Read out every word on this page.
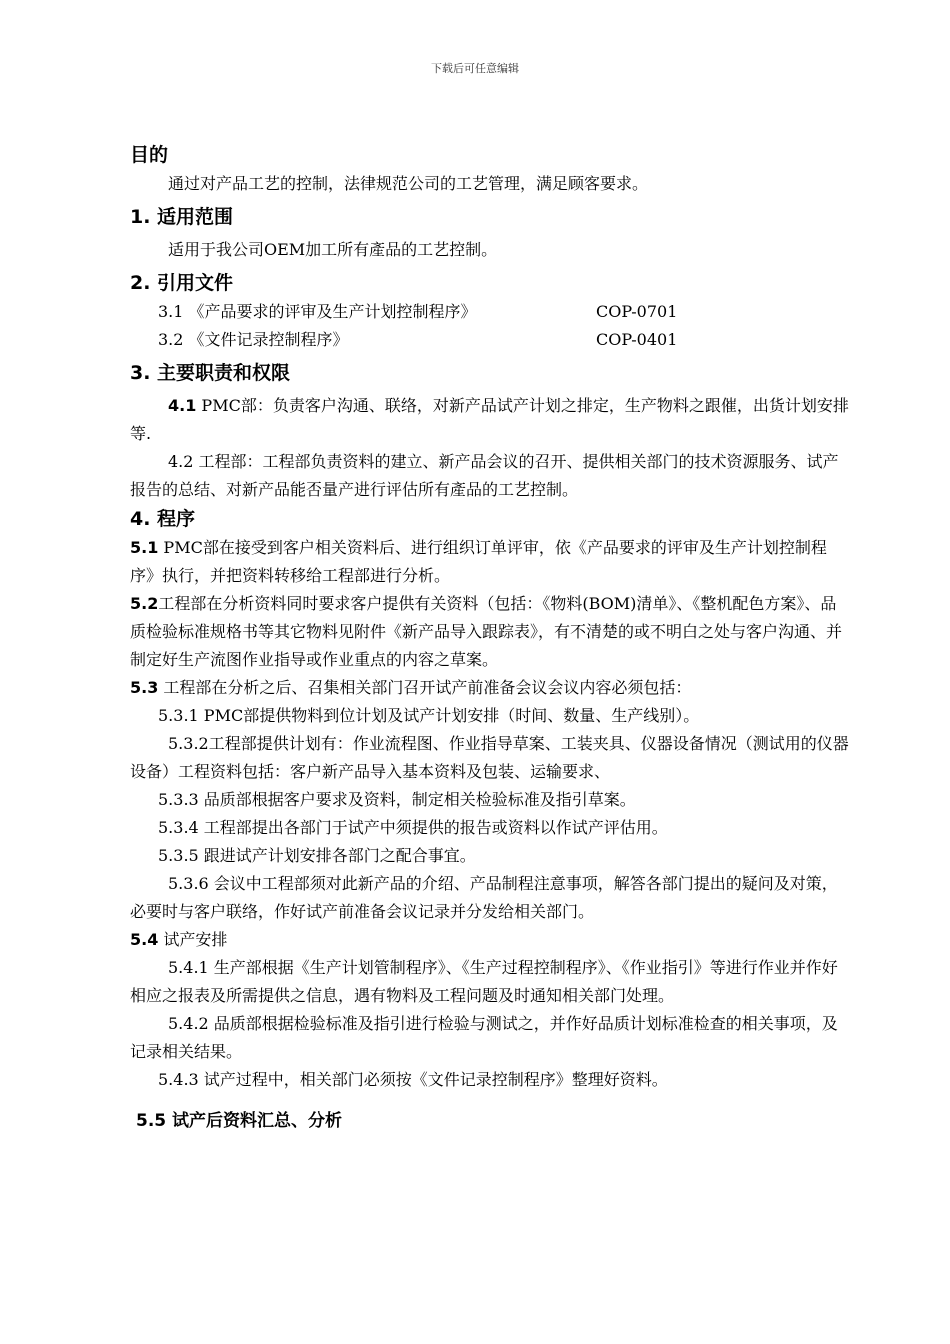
下载后可任意编辑
目的

通过对产品工艺的控制，法律规范公司的工艺管理，满足顾客要求。

1. 适用范围

适用于我公司OEM加工所有產品的工艺控制。

2. 引用文件
3.1 《产品要求的评审及生产计划控制程序》	COP-0701
3.2 《文件记录控制程序》	COP-0401
3. 主要职责和权限

4.1 PMC部：负责客户沟通、联络，对新产品试产计划之排定，生产物料之跟催，出货计划安排等.

4.2 工程部：工程部负责资料的建立、新产品会议的召开、提供相关部门的技术资源服务、试产报告的总结、对新产品能否量产进行评估所有產品的工艺控制。

4. 程序

5.1 PMC部在接受到客户相关资料后、进行组织订单评审，依《产品要求的评审及生产计划控制程序》执行，并把资料转移给工程部进行分析。

5.2工程部在分析资料同时要求客户提供有关资料（包括：《物料(BOM)清单》、《整机配色方案》、品质检验标准规格书等其它物料见附件《新产品导入跟踪表》，有不清楚的或不明白之处与客户沟通、并制定好生产流图作业指导或作业重点的内容之草案。

5.3 工程部在分析之后、召集相关部门召开试产前准备会议会议内容必须包括：

5.3.1 PMC部提供物料到位计划及试产计划安排（时间、数量、生产线别）。

5.3.2工程部提供计划有：作业流程图、作业指导草案、工装夹具、仪器设备情况（测试用的仪器设备）工程资料包括：客户新产品导入基本资料及包装、运输要求、

5.3.3 品质部根据客户要求及资料，制定相关检验标准及指引草案。

5.3.4 工程部提出各部门于试产中须提供的报告或资料以作试产评估用。

5.3.5 跟进试产计划安排各部门之配合事宜。

5.3.6 会议中工程部须对此新产品的介绍、产品制程注意事项，解答各部门提出的疑问及对策，必要时与客户联络，作好试产前准备会议记录并分发给相关部门。

5.4 试产安排

5.4.1 生产部根据《生产计划管制程序》、《生产过程控制程序》、《作业指引》等进行作业并作好相应之报表及所需提供之信息，遇有物料及工程问题及时通知相关部门处理。

5.4.2 品质部根据检验标准及指引进行检验与测试之，并作好品质计划标准检查的相关事项，及记录相关结果。

5.4.3 试产过程中，相关部门必须按《文件记录控制程序》整理好资料。

5.5 试产后资料汇总、分析
